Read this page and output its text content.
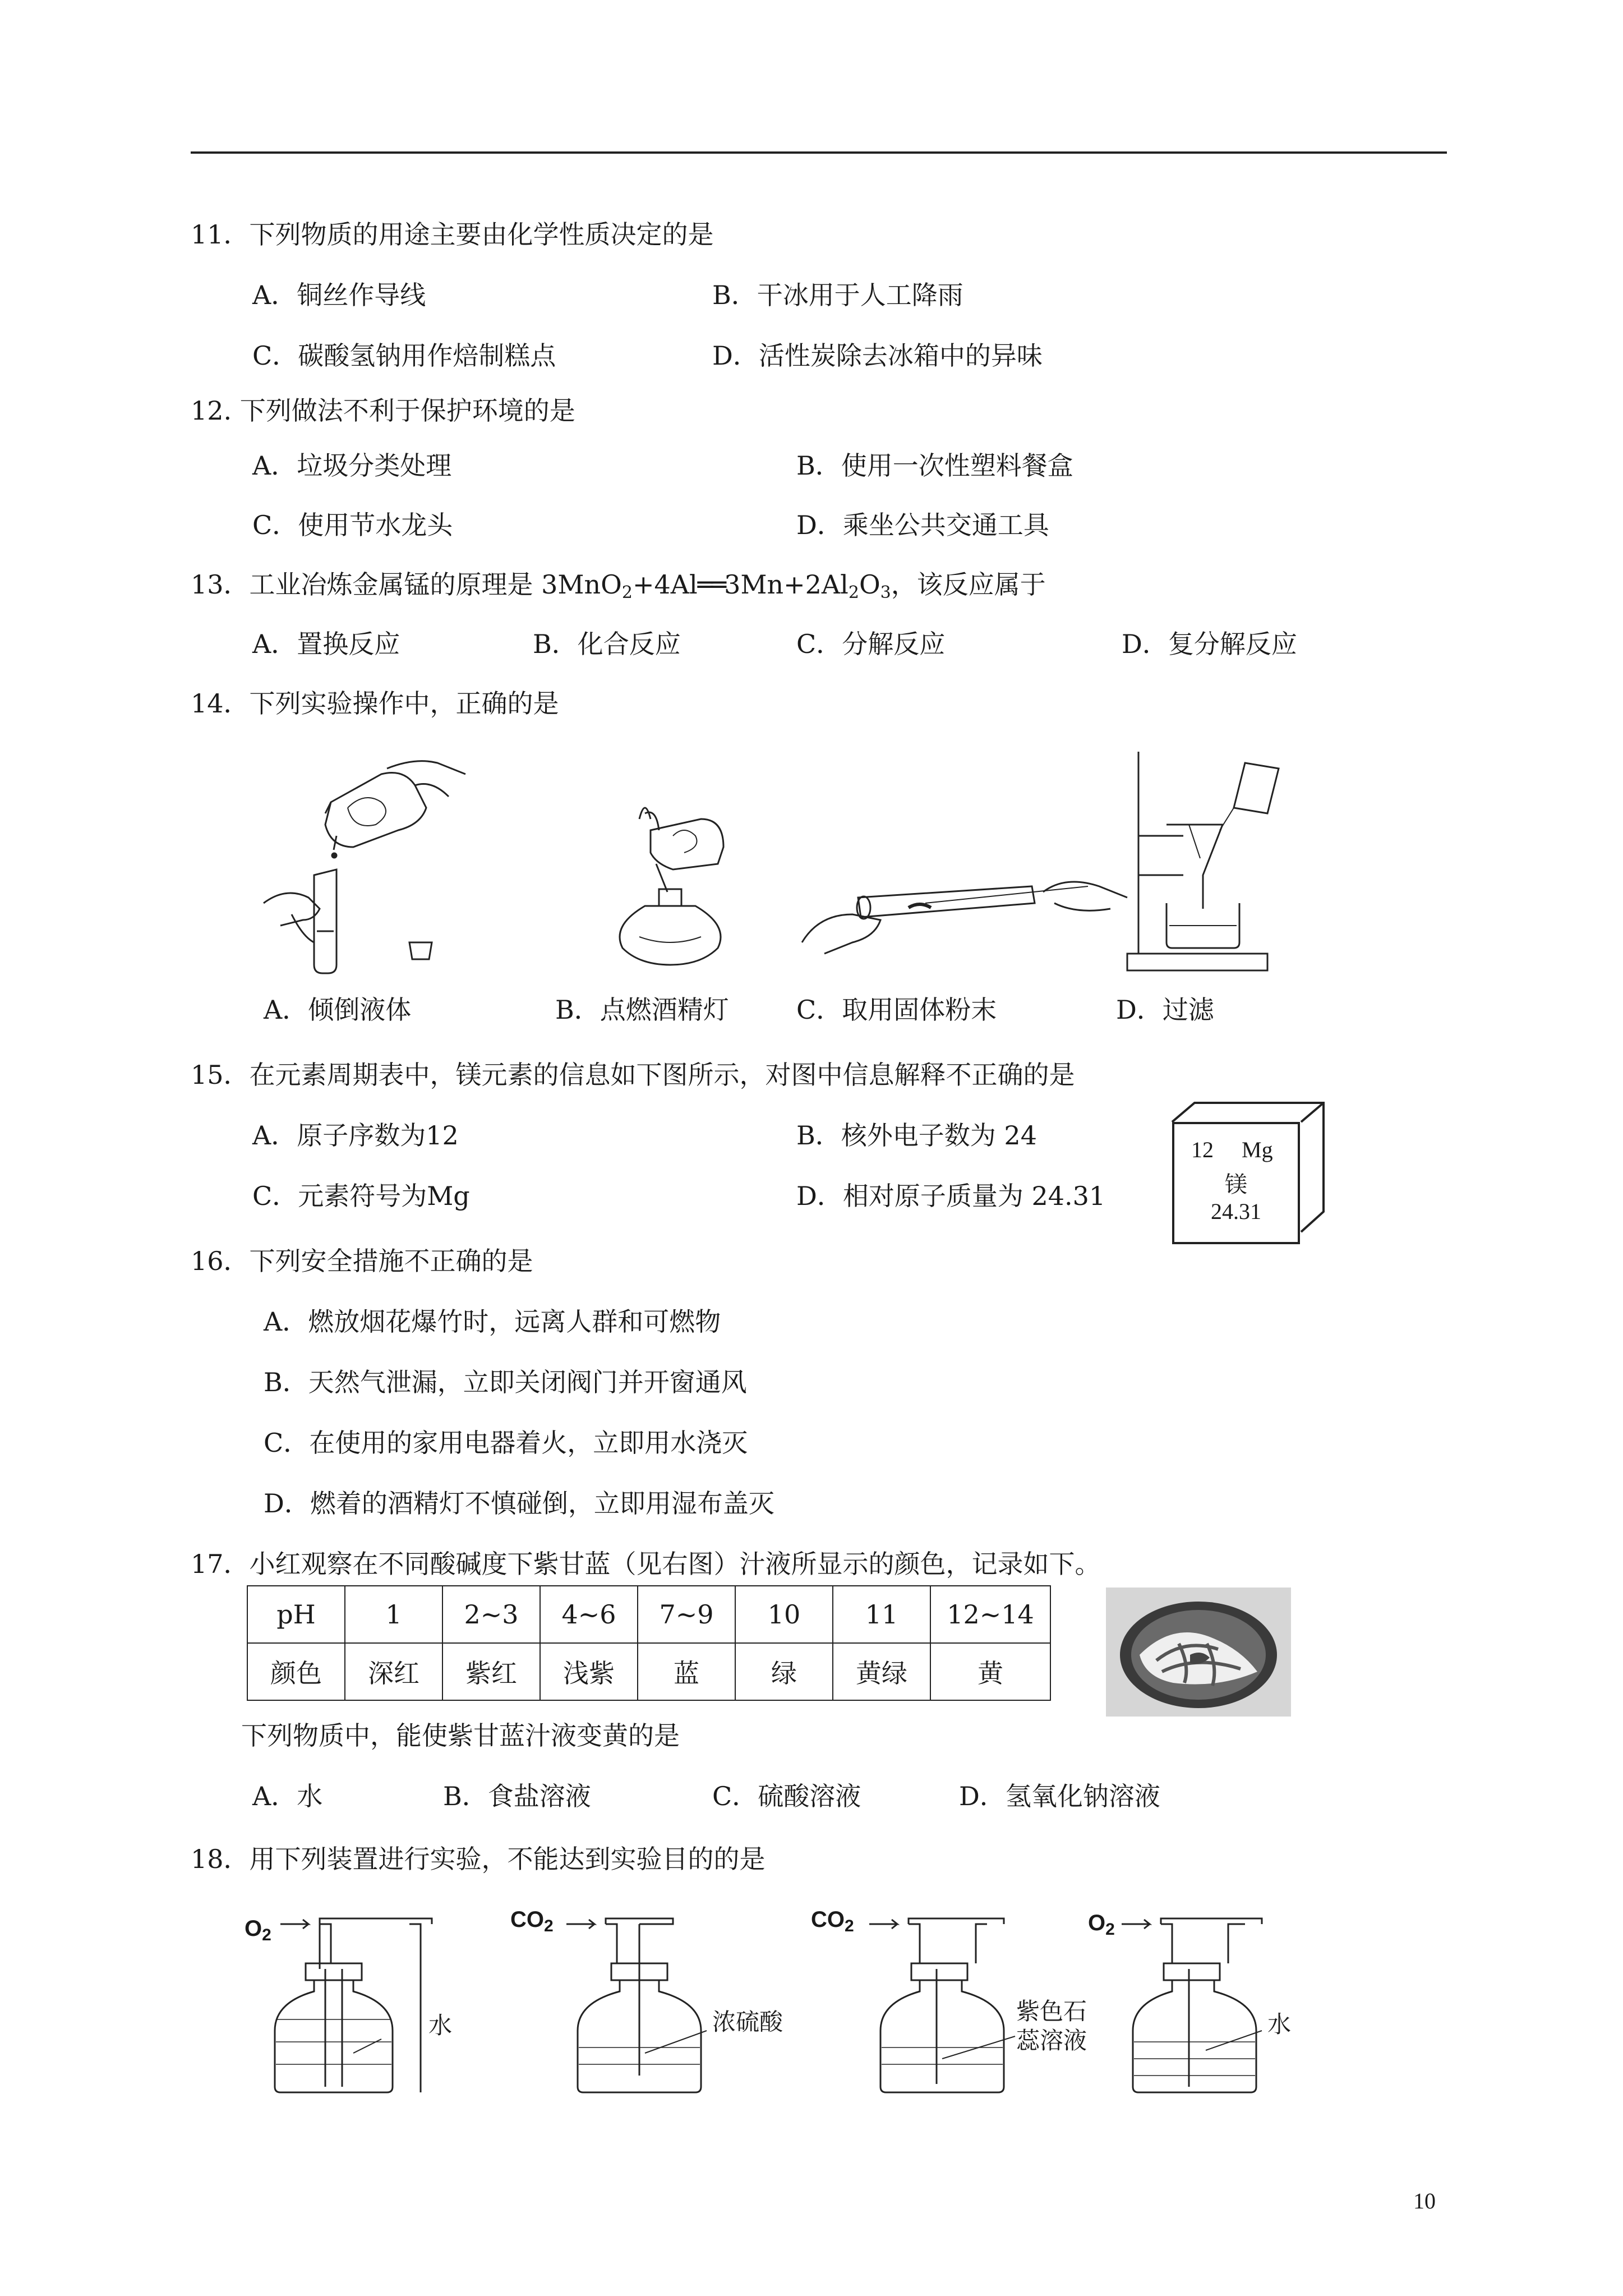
11．下列物质的用途主要由化学性质决定的是
A．铜丝作导线	B．干冰用于人工降雨
C．碳酸氢钠用作焙制糕点	D．活性炭除去冰箱中的异味
12. 下列做法不利于保护环境的是
A．垃圾分类处理	B．使用一次性塑料餐盒
C．使用节水龙头	D．乘坐公共交通工具
13．工业冶炼金属锰的原理是 $3MnO_2+4Al══3Mn+2Al_2O_3$，该反应属于
A．置换反应	B．化合反应	C．分解反应	D．复分解反应
14．下列实验操作中，正确的是
A．倾倒液体	B．点燃酒精灯	C．取用固体粉末	D．过滤
15．在元素周期表中，镁元素的信息如下图所示，对图中信息解释不正确的是
A．原子序数为12	B．核外电子数为 24
C．元素符号为Mg	D．相对原子质量为 24.31
12 Mg
镁
24.31
16．下列安全措施不正确的是
A．燃放烟花爆竹时，远离人群和可燃物
B．天然气泄漏，立即关闭阀门并开窗通风
C．在使用的家用电器着火，立即用水浇灭
D．燃着的酒精灯不慎碰倒，立即用湿布盖灭
17．小红观察在不同酸碱度下紫甘蓝（见右图）汁液所显示的颜色，记录如下。
pH	1	2~3	4~6	7~9	10	11	12~14
颜色	深红	紫红	浅紫	蓝	绿	黄绿	黄
下列物质中，能使紫甘蓝汁液变黄的是
A．水	B．食盐溶液	C．硫酸溶液	D．氢氧化钠溶液
18．用下列装置进行实验，不能达到实验目的的是
$O_2$
水
$CO_2$
浓硫酸
$CO_2$
紫色石
蕊溶液
$O_2$
水
10
